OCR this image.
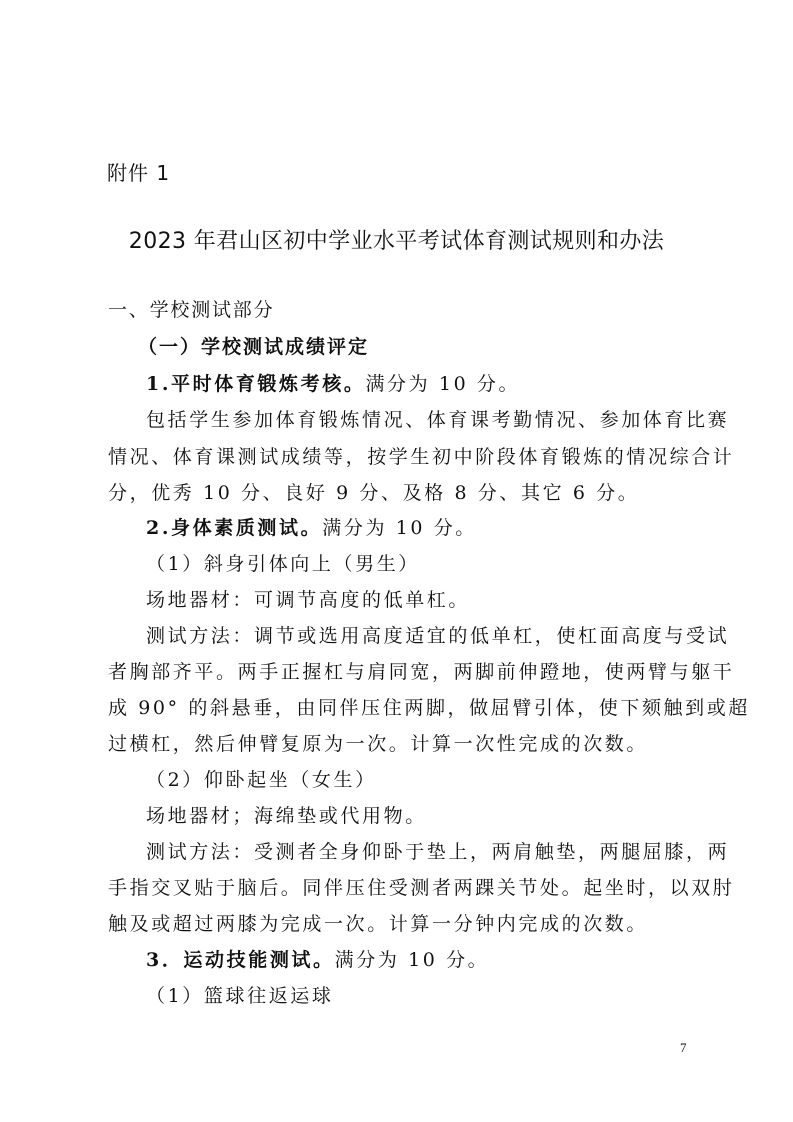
附件 1
2023 年君山区初中学业水平考试体育测试规则和办法
一、学校测试部分
（一）学校测试成绩评定
1.平时体育锻炼考核。满分为 10 分。
包括学生参加体育锻炼情况、体育课考勤情况、参加体育比赛
情况、体育课测试成绩等，按学生初中阶段体育锻炼的情况综合计
分，优秀 10 分、良好 9 分、及格 8 分、其它 6 分。
2.身体素质测试。满分为 10 分。
（1）斜身引体向上（男生）
场地器材：可调节高度的低单杠。
测试方法：调节或选用高度适宜的低单杠，使杠面高度与受试
者胸部齐平。两手正握杠与肩同宽，两脚前伸蹬地，使两臂与躯干
成 90° 的斜悬垂，由同伴压住两脚，做屈臂引体，使下颏触到或超
过横杠，然后伸臂复原为一次。计算一次性完成的次数。
（2）仰卧起坐（女生）
场地器材；海绵垫或代用物。
测试方法：受测者全身仰卧于垫上，两肩触垫，两腿屈膝，两
手指交叉贴于脑后。同伴压住受测者两踝关节处。起坐时，以双肘
触及或超过两膝为完成一次。计算一分钟内完成的次数。
3．运动技能测试。满分为 10 分。
（1）篮球往返运球
7
